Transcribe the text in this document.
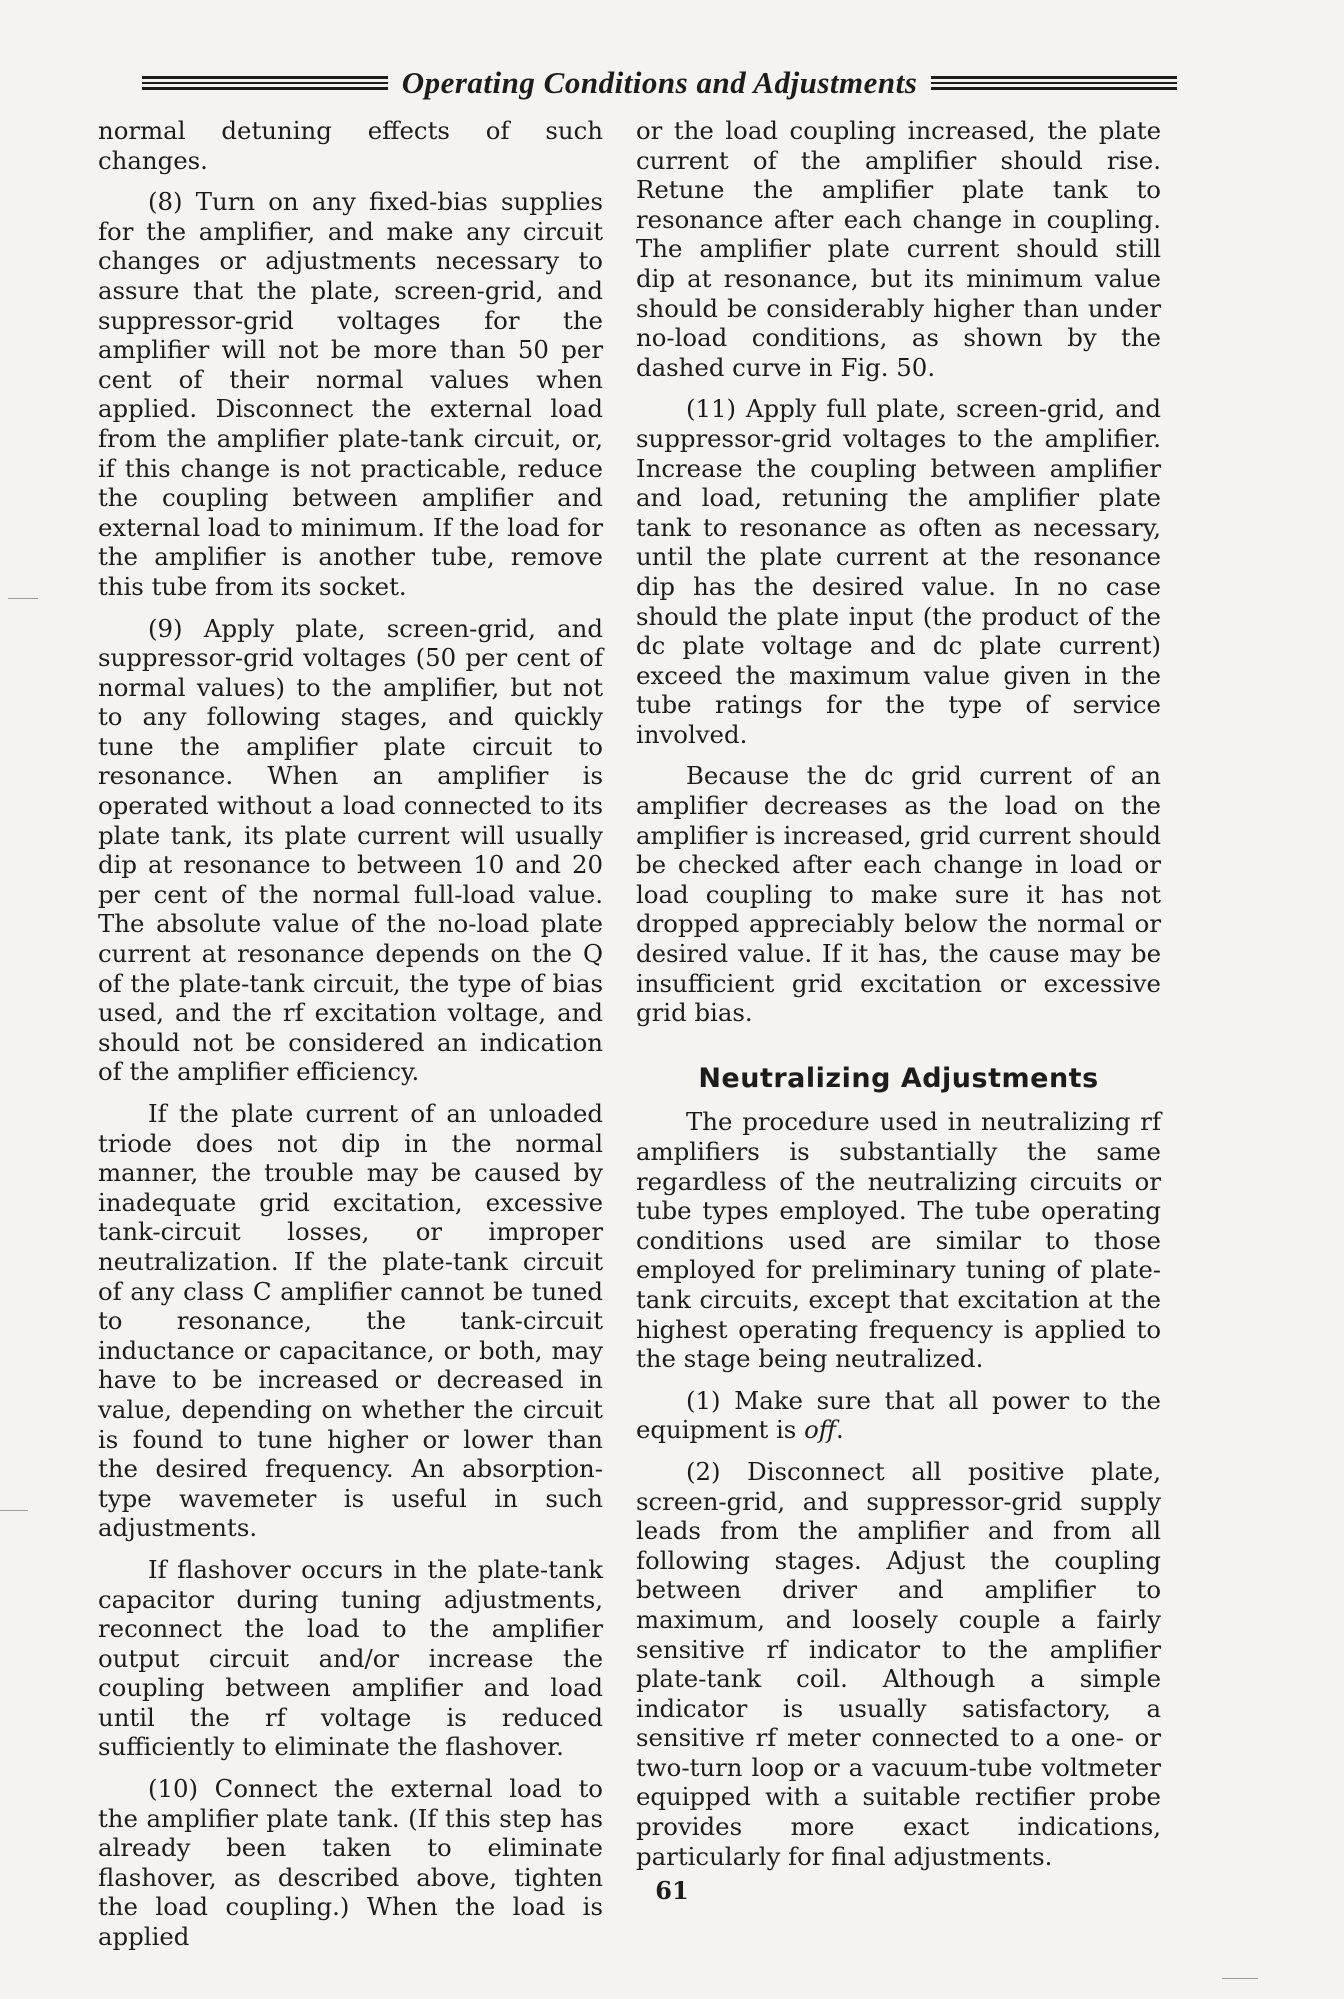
Operating Conditions and Adjustments

normal detuning effects of such changes.

(8) Turn on any fixed-bias supplies for the amplifier, and make any circuit changes or adjustments necessary to assure that the plate, screen-grid, and suppressor-grid voltages for the amplifier will not be more than 50 per cent of their normal values when applied. Disconnect the external load from the amplifier plate-tank circuit, or, if this change is not practicable, reduce the coupling between amplifier and external load to minimum. If the load for the amplifier is another tube, remove this tube from its socket.

(9) Apply plate, screen-grid, and suppressor-grid voltages (50 per cent of normal values) to the amplifier, but not to any following stages, and quickly tune the amplifier plate circuit to resonance. When an amplifier is operated without a load connected to its plate tank, its plate current will usually dip at resonance to between 10 and 20 per cent of the normal full-load value. The absolute value of the no-load plate current at resonance depends on the Q of the plate-tank circuit, the type of bias used, and the rf excitation voltage, and should not be considered an indication of the amplifier efficiency.

If the plate current of an unloaded triode does not dip in the normal manner, the trouble may be caused by inadequate grid excitation, excessive tank-circuit losses, or improper neutralization. If the plate-tank circuit of any class C amplifier cannot be tuned to resonance, the tank-circuit inductance or capacitance, or both, may have to be increased or decreased in value, depending on whether the circuit is found to tune higher or lower than the desired frequency. An absorption-type wavemeter is useful in such adjustments.

If flashover occurs in the plate-tank capacitor during tuning adjustments, reconnect the load to the amplifier output circuit and/or increase the coupling between amplifier and load until the rf voltage is reduced sufficiently to eliminate the flashover.

(10) Connect the external load to the amplifier plate tank. (If this step has already been taken to eliminate flashover, as described above, tighten the load coupling.) When the load is applied

or the load coupling increased, the plate current of the amplifier should rise. Retune the amplifier plate tank to resonance after each change in coupling. The amplifier plate current should still dip at resonance, but its minimum value should be considerably higher than under no-load conditions, as shown by the dashed curve in Fig. 50.

(11) Apply full plate, screen-grid, and suppressor-grid voltages to the amplifier. Increase the coupling between amplifier and load, retuning the amplifier plate tank to resonance as often as necessary, until the plate current at the resonance dip has the desired value. In no case should the plate input (the product of the dc plate voltage and dc plate current) exceed the maximum value given in the tube ratings for the type of service involved.

Because the dc grid current of an amplifier decreases as the load on the amplifier is increased, grid current should be checked after each change in load or load coupling to make sure it has not dropped appreciably below the normal or desired value. If it has, the cause may be insufficient grid excitation or excessive grid bias.

Neutralizing Adjustments

The procedure used in neutralizing rf amplifiers is substantially the same regardless of the neutralizing circuits or tube types employed. The tube operating conditions used are similar to those employed for preliminary tuning of plate-tank circuits, except that excitation at the highest operating frequency is applied to the stage being neutralized.

(1) Make sure that all power to the equipment is off.

(2) Disconnect all positive plate, screen-grid, and suppressor-grid supply leads from the amplifier and from all following stages. Adjust the coupling between driver and amplifier to maximum, and loosely couple a fairly sensitive rf indicator to the amplifier plate-tank coil. Although a simple indicator is usually satisfactory, a sensitive rf meter connected to a one- or two-turn loop or a vacuum-tube voltmeter equipped with a suitable rectifier probe provides more exact indications, particularly for final adjustments.

61
